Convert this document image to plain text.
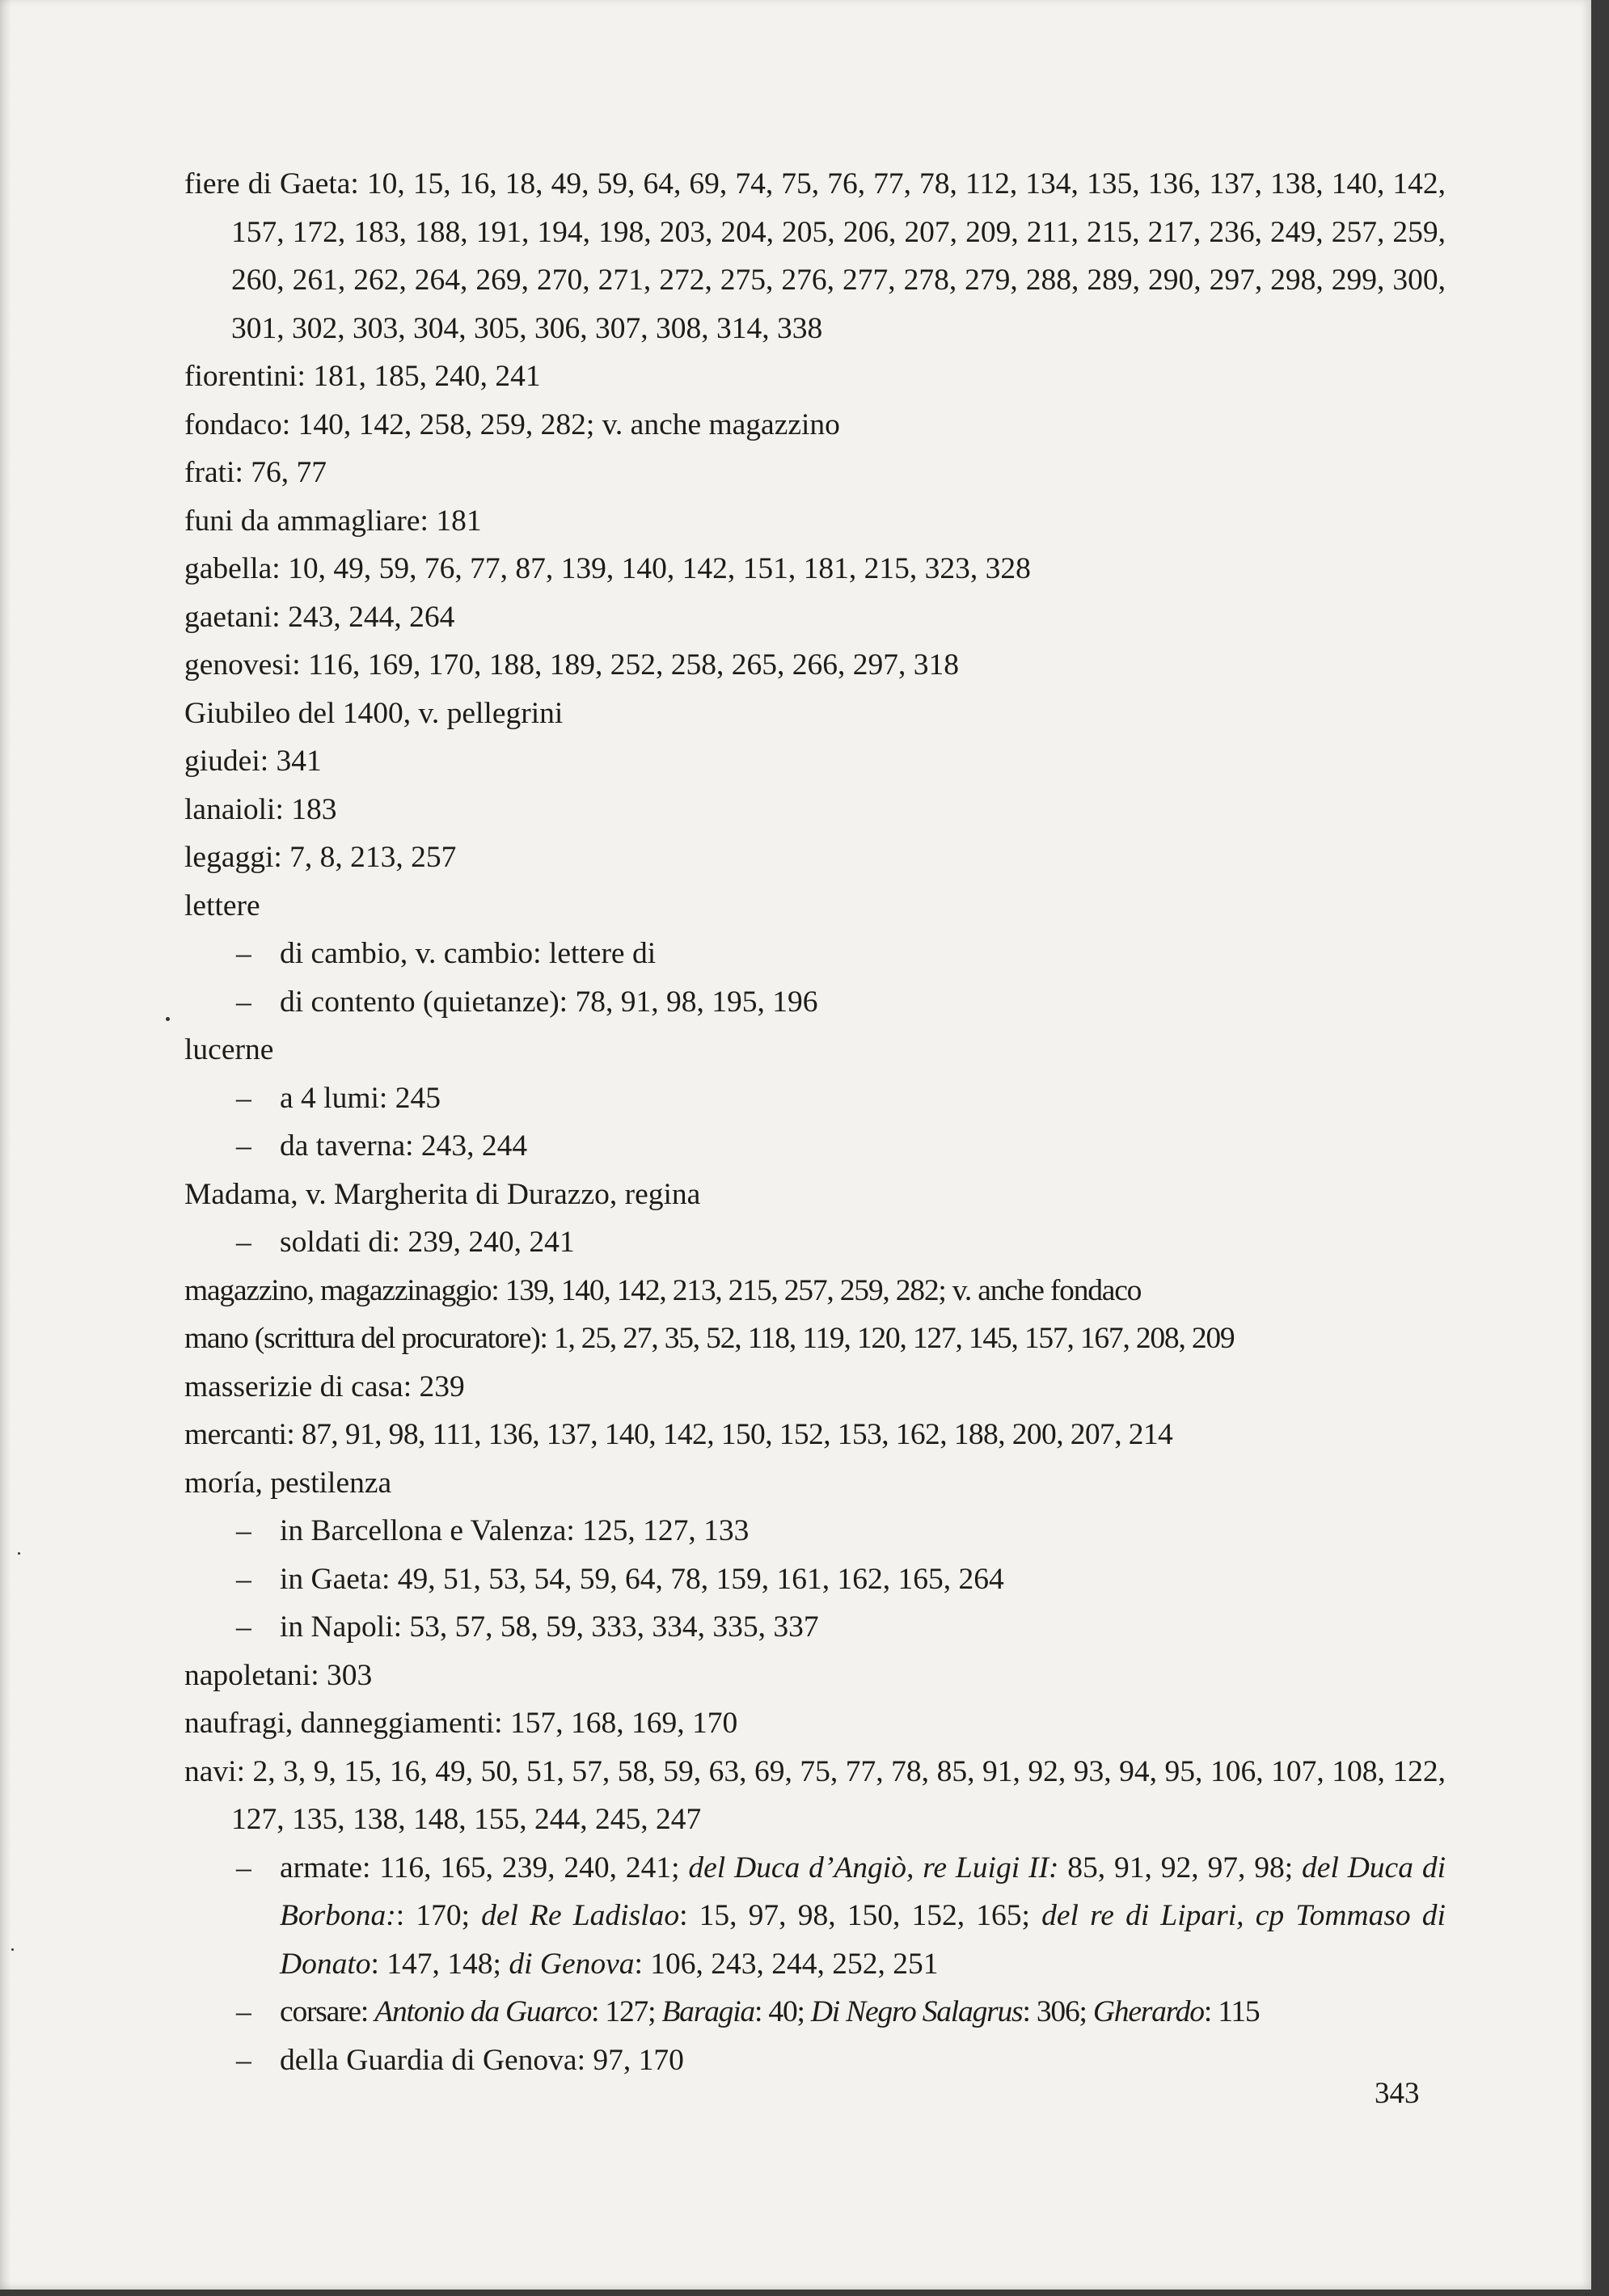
fiere di Gaeta: 10, 15, 16, 18, 49, 59, 64, 69, 74, 75, 76, 77, 78, 112, 134, 135, 136, 137, 138, 140, 142, 157, 172, 183, 188, 191, 194, 198, 203, 204, 205, 206, 207, 209, 211, 215, 217, 236, 249, 257, 259, 260, 261, 262, 264, 269, 270, 271, 272, 275, 276, 277, 278, 279, 288, 289, 290, 297, 298, 299, 300, 301, 302, 303, 304, 305, 306, 307, 308, 314, 338
fiorentini: 181, 185, 240, 241
fondaco: 140, 142, 258, 259, 282; v. anche magazzino
frati: 76, 77
funi da ammagliare: 181
gabella: 10, 49, 59, 76, 77, 87, 139, 140, 142, 151, 181, 215, 323, 328
gaetani: 243, 244, 264
genovesi: 116, 169, 170, 188, 189, 252, 258, 265, 266, 297, 318
Giubileo del 1400, v. pellegrini
giudei: 341
lanaioli: 183
legaggi: 7, 8, 213, 257
lettere
– di cambio, v. cambio: lettere di
– di contento (quietanze): 78, 91, 98, 195, 196
lucerne
– a 4 lumi: 245
– da taverna: 243, 244
Madama, v. Margherita di Durazzo, regina
– soldati di: 239, 240, 241
magazzino, magazzinaggio: 139, 140, 142, 213, 215, 257, 259, 282; v. anche fondaco
mano (scrittura del procuratore): 1, 25, 27, 35, 52, 118, 119, 120, 127, 145, 157, 167, 208, 209
masserizie di casa: 239
mercanti: 87, 91, 98, 111, 136, 137, 140, 142, 150, 152, 153, 162, 188, 200, 207, 214
moría, pestilenza
– in Barcellona e Valenza: 125, 127, 133
– in Gaeta: 49, 51, 53, 54, 59, 64, 78, 159, 161, 162, 165, 264
– in Napoli: 53, 57, 58, 59, 333, 334, 335, 337
napoletani: 303
naufragi, danneggiamenti: 157, 168, 169, 170
navi: 2, 3, 9, 15, 16, 49, 50, 51, 57, 58, 59, 63, 69, 75, 77, 78, 85, 91, 92, 93, 94, 95, 106, 107, 108, 122, 127, 135, 138, 148, 155, 244, 245, 247
– armate: 116, 165, 239, 240, 241; del Duca d’Angiò, re Luigi II: 85, 91, 92, 97, 98; del Duca di Borbona:: 170; del Re Ladislao: 15, 97, 98, 150, 152, 165; del re di Lipari, cp Tommaso di Donato: 147, 148; di Genova: 106, 243, 244, 252, 251
– corsare: Antonio da Guarco: 127; Baragia: 40; Di Negro Salagrus: 306; Gherardo: 115
– della Guardia di Genova: 97, 170
343
